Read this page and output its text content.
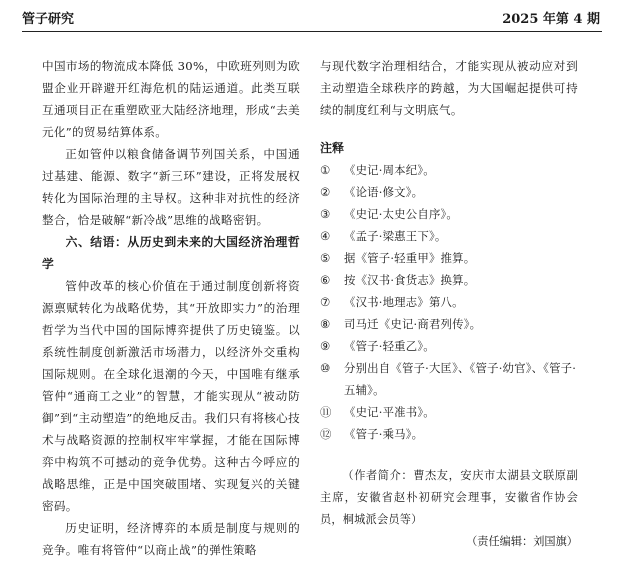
管子研究	2025 年第 4 期

中国市场的物流成本降低 30%，中欧班列则为欧盟企业开辟避开红海危机的陆运通道。此类互联互通项目正在重塑欧亚大陆经济地理，形成“去美元化”的贸易结算体系。

正如管仲以粮食储备调节列国关系，中国通过基建、能源、数字“新三环”建设，正将发展权转化为国际治理的主导权。这种非对抗性的经济整合，恰是破解“新冷战”思维的战略密钥。

六、结语：从历史到未来的大国经济治理哲学

管仲改革的核心价值在于通过制度创新将资源禀赋转化为战略优势，其“开放即实力”的治理哲学为当代中国的国际博弈提供了历史镜鉴。以系统性制度创新激活市场潜力，以经济外交重构国际规则。在全球化退潮的今天，中国唯有继承管仲“通商工之业”的智慧，才能实现从“被动防御”到“主动塑造”的绝地反击。我们只有将核心技术与战略资源的控制权牢牢掌握，才能在国际博弈中构筑不可撼动的竞争优势。这种古今呼应的战略思维，正是中国突破围堵、实现复兴的关键密码。

历史证明，经济博弈的本质是制度与规则的竞争。唯有将管仲“以商止战”的弹性策略

与现代数字治理相结合，才能实现从被动应对到主动塑造全球秩序的跨越，为大国崛起提供可持续的制度红利与文明底气。

注释
①	《史记·周本纪》。
②	《论语·修文》。
③	《史记·太史公自序》。
④	《孟子·梁惠王下》。
⑤	据《管子·轻重甲》推算。
⑥	按《汉书·食货志》换算。
⑦	《汉书·地理志》第八。
⑧	司马迁《史记·商君列传》。
⑨	《管子·轻重乙》。
⑩	分别出自《管子·大匡》、《管子·幼官》、《管子·五辅》。
⑪	《史记·平准书》。
⑫	《管子·乘马》。

（作者简介：曹杰友，安庆市太湖县文联原副主席，安徽省赵朴初研究会理事，安徽省作协会员，桐城派会员等）

（责任编辑：刘国旗）
